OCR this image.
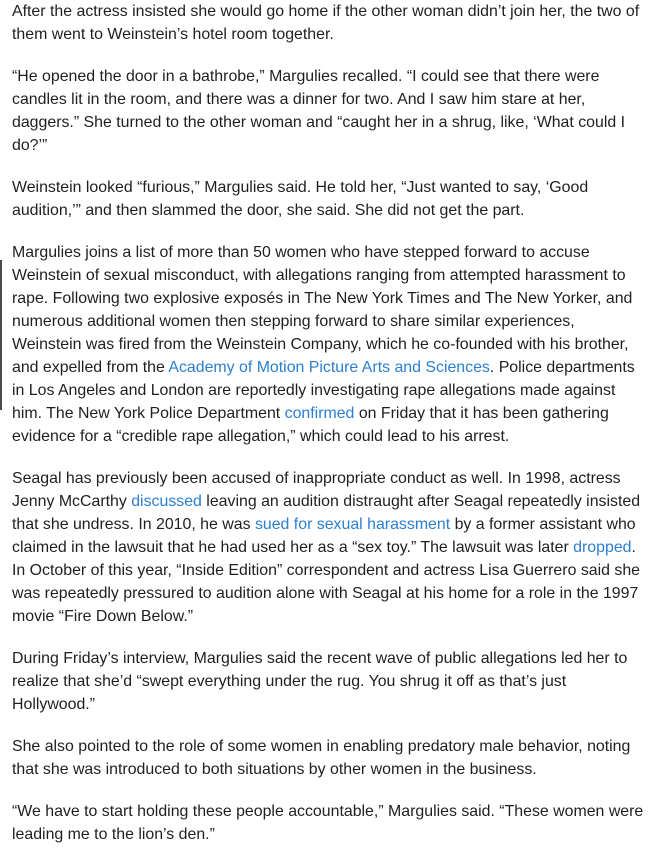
After the actress insisted she would go home if the other woman didn’t join her, the two of them went to Weinstein’s hotel room together.

“He opened the door in a bathrobe,” Margulies recalled. “I could see that there were candles lit in the room, and there was a dinner for two. And I saw him stare at her, daggers.” She turned to the other woman and “caught her in a shrug, like, ‘What could I do?’”

Weinstein looked “furious,” Margulies said. He told her, “Just wanted to say, ‘Good audition,’” and then slammed the door, she said. She did not get the part.

Margulies joins a list of more than 50 women who have stepped forward to accuse Weinstein of sexual misconduct, with allegations ranging from attempted harassment to rape. Following two explosive exposés in The New York Times and The New Yorker, and numerous additional women then stepping forward to share similar experiences, Weinstein was fired from the Weinstein Company, which he co-founded with his brother, and expelled from the Academy of Motion Picture Arts and Sciences. Police departments in Los Angeles and London are reportedly investigating rape allegations made against him. The New York Police Department confirmed on Friday that it has been gathering evidence for a “credible rape allegation,” which could lead to his arrest.

Seagal has previously been accused of inappropriate conduct as well. In 1998, actress Jenny McCarthy discussed leaving an audition distraught after Seagal repeatedly insisted that she undress. In 2010, he was sued for sexual harassment by a former assistant who claimed in the lawsuit that he had used her as a “sex toy.” The lawsuit was later dropped. In October of this year, “Inside Edition” correspondent and actress Lisa Guerrero said she was repeatedly pressured to audition alone with Seagal at his home for a role in the 1997 movie “Fire Down Below.”

During Friday’s interview, Margulies said the recent wave of public allegations led her to realize that she’d “swept everything under the rug. You shrug it off as that’s just Hollywood.”

She also pointed to the role of some women in enabling predatory male behavior, noting that she was introduced to both situations by other women in the business.

“We have to start holding these people accountable,” Margulies said. “These women were leading me to the lion’s den.”
